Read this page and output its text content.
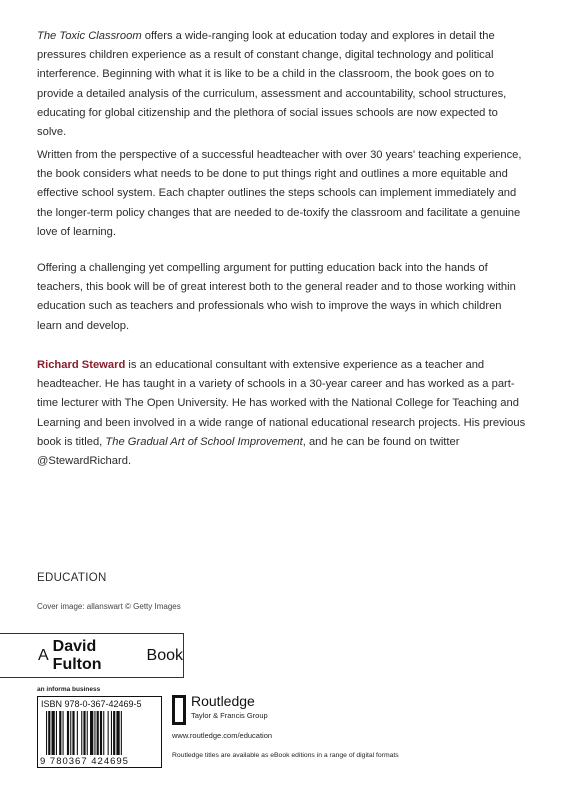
The Toxic Classroom offers a wide-ranging look at education today and explores in detail the pressures children experience as a result of constant change, digital technology and political interference. Beginning with what it is like to be a child in the classroom, the book goes on to provide a detailed analysis of the curriculum, assessment and accountability, school structures, educating for global citizenship and the plethora of social issues schools are now expected to solve.
Written from the perspective of a successful headteacher with over 30 years' teaching experience, the book considers what needs to be done to put things right and outlines a more equitable and effective school system. Each chapter outlines the steps schools can implement immediately and the longer-term policy changes that are needed to de-toxify the classroom and facilitate a genuine love of learning.
Offering a challenging yet compelling argument for putting education back into the hands of teachers, this book will be of great interest both to the general reader and to those working within education such as teachers and professionals who wish to improve the ways in which children learn and develop.
Richard Steward is an educational consultant with extensive experience as a teacher and headteacher. He has taught in a variety of schools in a 30-year career and has worked as a part-time lecturer with The Open University. He has worked with the National College for Teaching and Learning and been involved in a wide range of national educational research projects. His previous book is titled, The Gradual Art of School Improvement, and he can be found on twitter @StewardRichard.
EDUCATION
Cover image: allanswart © Getty Images
A
David Fulton
Book
an informa business
ISBN 978-0-367-42469-5
9 780367 424695
Routledge
Taylor & Francis Group
www.routledge.com/education
Routledge titles are available as eBook editions in a range of digital formats
